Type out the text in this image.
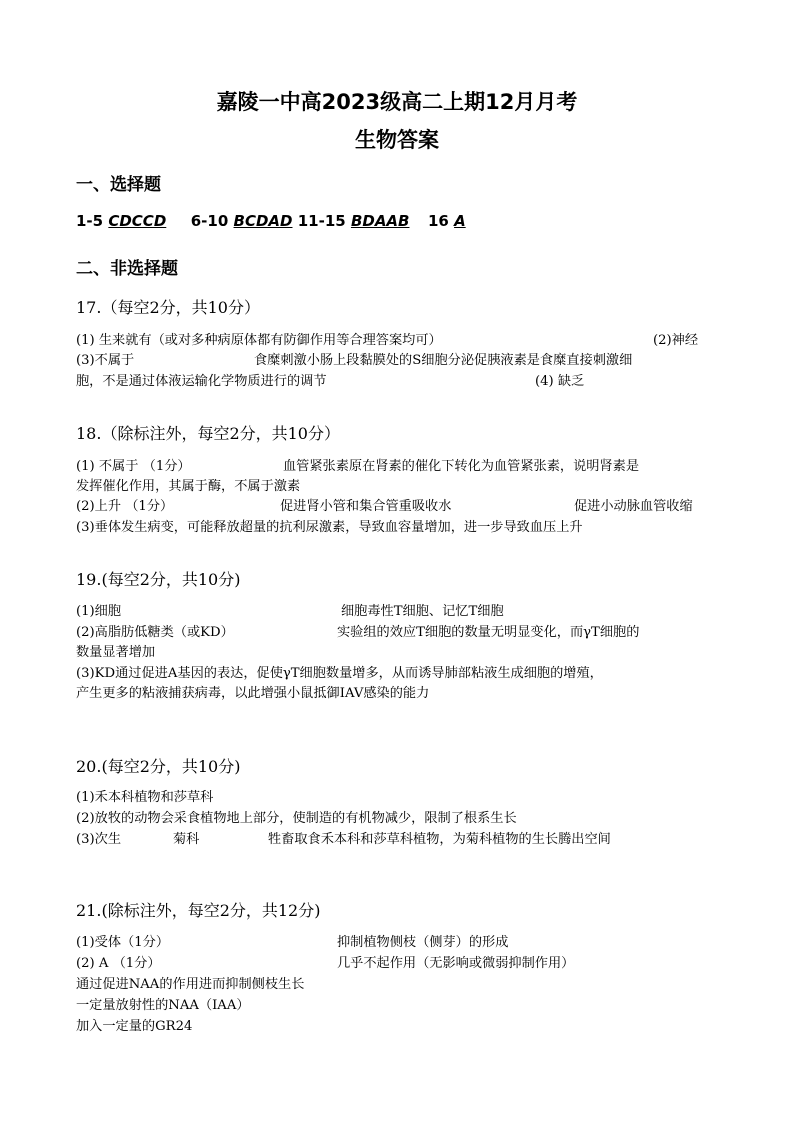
嘉陵一中高2023级高二上期12月月考
生物答案
一、选择题
1-5 CDCCD 6-10 BCDAD 11-15 BDAAB 16 A
二、非选择题
17.（每空2分，共10分）
(1) 生来就有（或对多种病原体都有防御作用等合理答案均可）	(2)神经
(3)不属于	食糜刺激小肠上段黏膜处的S细胞分泌促胰液素是食糜直接刺激细
胞，不是通过体液运输化学物质进行的调节	(4) 缺乏
18.（除标注外，每空2分，共10分）
(1) 不属于 （1分）	血管紧张素原在肾素的催化下转化为血管紧张素，说明肾素是
发挥催化作用，其属于酶，不属于激素
(2)上升 （1分）	促进肾小管和集合管重吸收水	促进小动脉血管收缩
(3)垂体发生病变，可能释放超量的抗利尿激素，导致血容量增加，进一步导致血压上升
19.(每空2分，共10分)
(1)细胞	细胞毒性T细胞、记忆T细胞
(2)高脂肪低糖类（或KD）	实验组的效应T细胞的数量无明显变化，而γT细胞的
数量显著增加
(3)KD通过促进A基因的表达，促使γT细胞数量增多，从而诱导肺部粘液生成细胞的增殖，
产生更多的粘液捕获病毒，以此增强小鼠抵御IAV感染的能力
20.(每空2分，共10分)
(1)禾本科植物和莎草科
(2)放牧的动物会采食植物地上部分，使制造的有机物减少，限制了根系生长
(3)次生	菊科	牲畜取食禾本科和莎草科植物，为菊科植物的生长腾出空间
21.(除标注外，每空2分，共12分)
(1)受体（1分）	抑制植物侧枝（侧芽）的形成
(2) A （1分）	几乎不起作用（无影响或微弱抑制作用）
通过促进NAA的作用进而抑制侧枝生长
一定量放射性的NAA（IAA）
加入一定量的GR24
